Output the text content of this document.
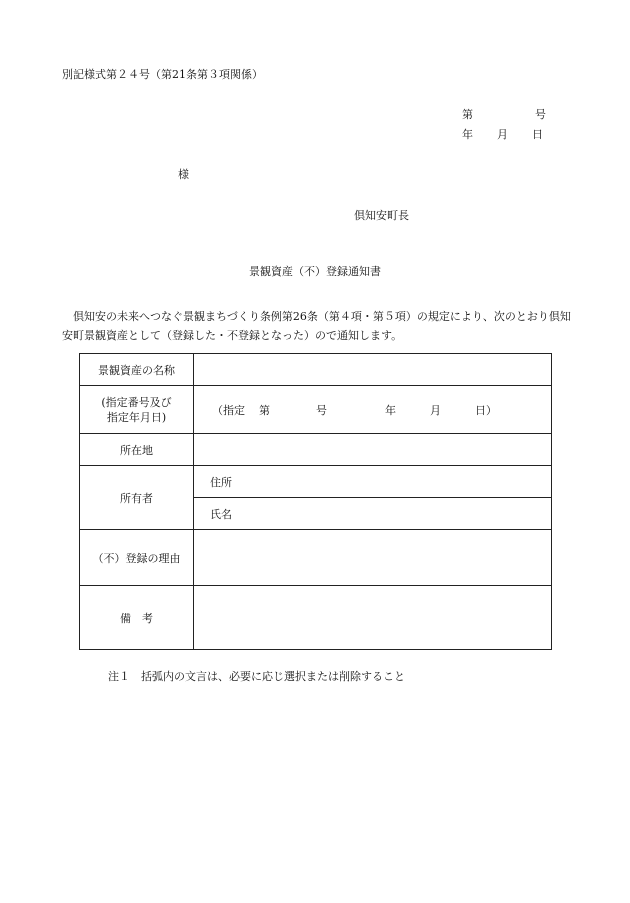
別記様式第２４号（第21条第３項関係）
第	号
年 月 日
様
倶知安町長
景観資産（不）登録通知書
倶知安の未来へつなぐ景観まちづくり条例第26条（第４項・第５項）の規定により、次のとおり倶知安町景観資産として（登録した・不登録となった）ので通知します。
景観資産の名称	

(指定番号及び
指定年月日)	（指定 第 号 年 月 日）
所在地	
所有者	住所
	氏名
（不）登録の理由	
備　考	
注１　括弧内の文言は、必要に応じ選択または削除すること
